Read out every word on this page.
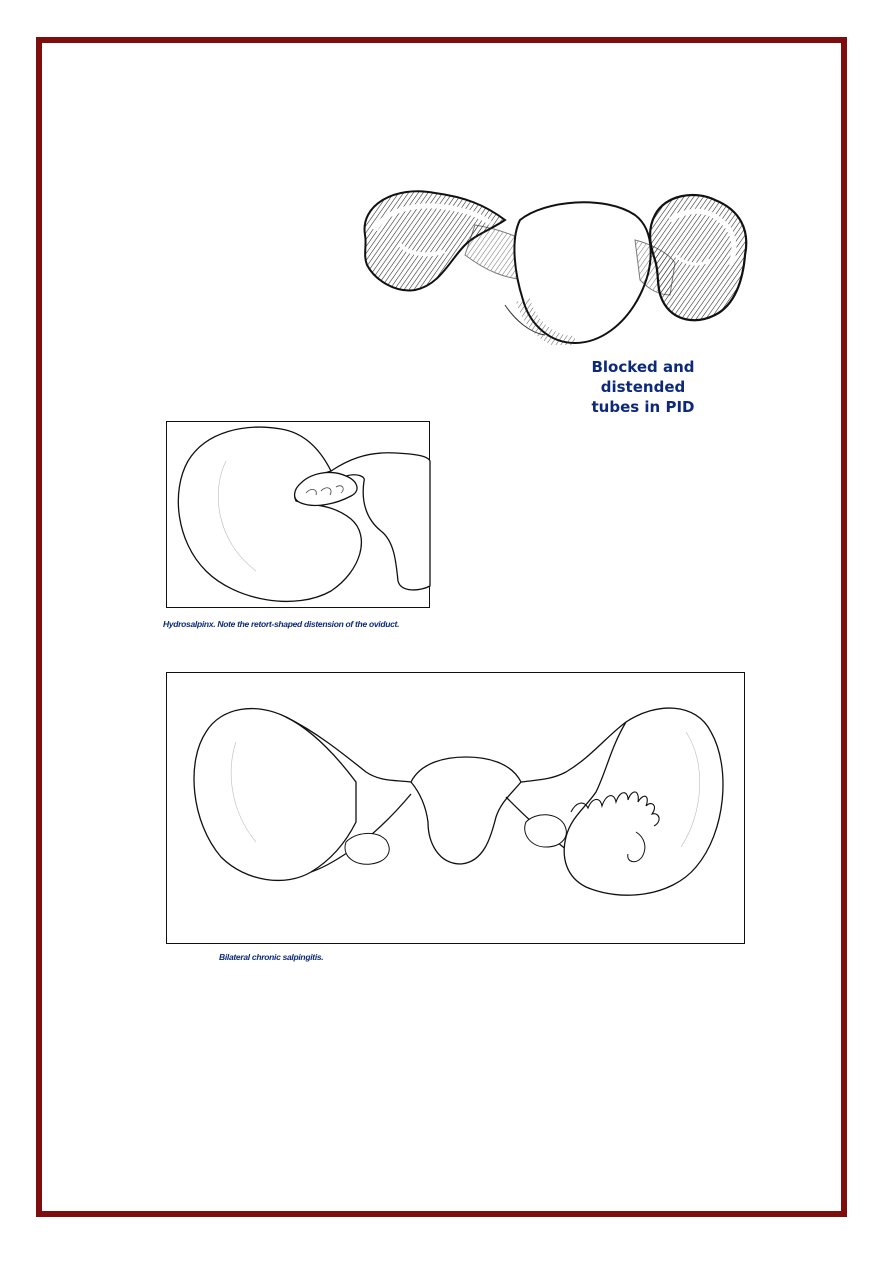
Blocked and distended
tubes in PID
Hydrosalpinx. Note the retort-shaped distension of the oviduct.
Bilateral chronic salpingitis.
